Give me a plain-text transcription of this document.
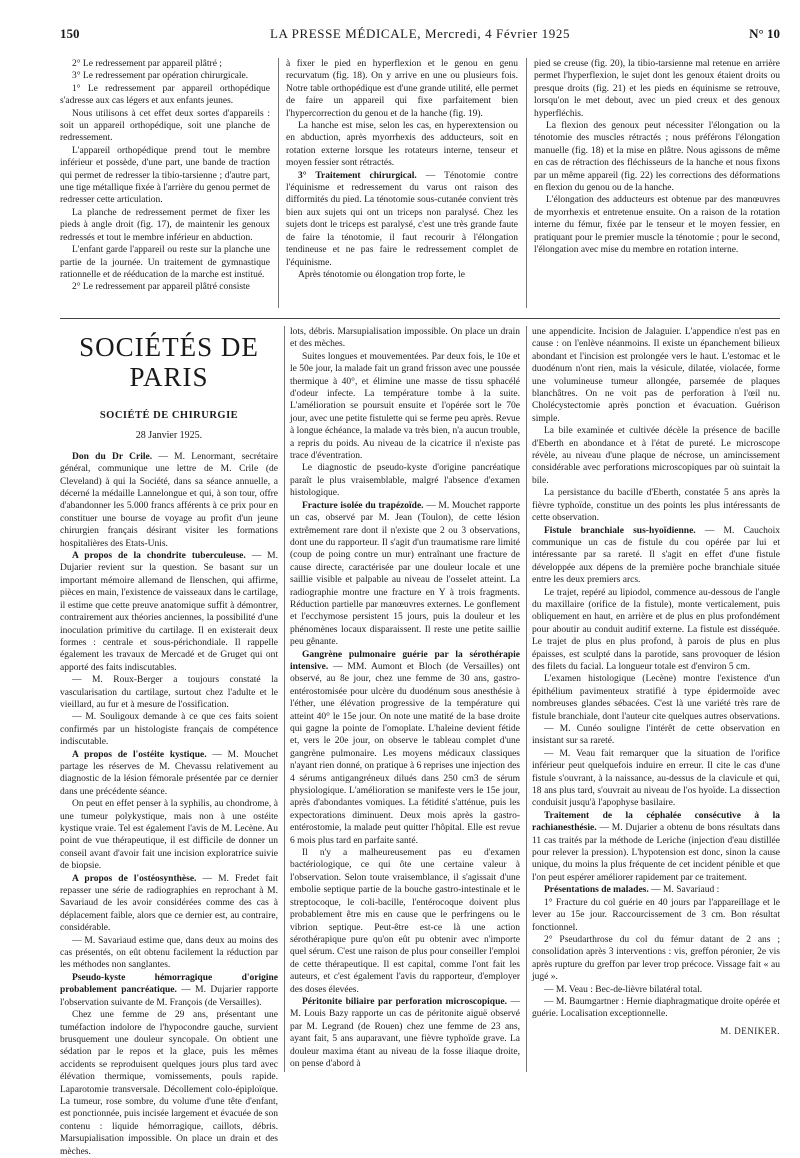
150	LA PRESSE MÉDICALE, Mercredi, 4 Février 1925	N° 10

2° Le redressement par appareil plâtré ;

3° Le redressement par opération chirurgicale.

1° Le redressement par appareil orthopédique s'adresse aux cas légers et aux enfants jeunes.

Nous utilisons à cet effet deux sortes d'appareils : soit un appareil orthopédique, soit une planche de redressement.

L'appareil orthopédique prend tout le membre inférieur et possède, d'une part, une bande de traction qui permet de redresser la tibio-tarsienne ; d'autre part, une tige métallique fixée à l'arrière du genou permet de redresser cette articulation.

La planche de redressement permet de fixer les pieds à angle droit (fig. 17), de maintenir les genoux redressés et tout le membre inférieur en abduction.

L'enfant garde l'appareil ou reste sur la planche une partie de la journée. Un traitement de gymnastique rationnelle et de rééducation de la marche est institué.

2° Le redressement par appareil plâtré consiste

à fixer le pied en hyperflexion et le genou en genu recurvatum (fig. 18). On y arrive en une ou plusieurs fois. Notre table orthopédique est d'une grande utilité, elle permet de faire un appareil qui fixe parfaitement bien l'hypercorrection du genou et de la hanche (fig. 19).

La hanche est mise, selon les cas, en hyperextension ou en abduction, après myorrhexis des adducteurs, soit en rotation externe lorsque les rotateurs interne, tenseur et moyen fessier sont rétractés.

3° Traitement chirurgical. — Ténotomie contre l'équinisme et redressement du varus ont raison des difformités du pied. La ténotomie sous-cutanée convient très bien aux sujets qui ont un triceps non paralysé. Chez les sujets dont le triceps est paralysé, c'est une très grande faute de faire la ténotomie, il faut recourir à l'élongation tendineuse et ne pas faire le redressement complet de l'équinisme.

Après ténotomie ou élongation trop forte, le

pied se creuse (fig. 20), la tibio-tarsienne mal retenue en arrière permet l'hyperflexion, le sujet dont les genoux étaient droits ou presque droits (fig. 21) et les pieds en équinisme se retrouve, lorsqu'on le met debout, avec un pied creux et des genoux hyperfléchis.

La flexion des genoux peut nécessiter l'élongation ou la ténotomie des muscles rétractés ; nous préférons l'élongation manuelle (fig. 18) et la mise en plâtre. Nous agissons de même en cas de rétraction des fléchisseurs de la hanche et nous fixons par un même appareil (fig. 22) les corrections des déformations en flexion du genou ou de la hanche.

L'élongation des adducteurs est obtenue par des manœuvres de myorrhexis et entretenue ensuite. On a raison de la rotation interne du fémur, fixée par le tenseur et le moyen fessier, en pratiquant pour le premier muscle la ténotomie ; pour le second, l'élongation avec mise du membre en rotation interne.

SOCIÉTÉS DE PARIS
SOCIÉTÉ DE CHIRURGIE
28 Janvier 1925.

Don du Dr Crile. — M. Lenormant, secrétaire général, communique une lettre de M. Crile (de Cleveland) à qui la Société, dans sa séance annuelle, a décerné la médaille Lannelongue et qui, à son tour, offre d'abandonner les 5.000 francs afférents à ce prix pour en constituer une bourse de voyage au profit d'un jeune chirurgien français désirant visiter les formations hospitalières des Etats-Unis.

A propos de la chondrite tuberculeuse. — M. Dujarier revient sur la question. Se basant sur un important mémoire allemand de Ilenschen, qui affirme, pièces en main, l'existence de vaisseaux dans le cartilage, il estime que cette preuve anatomique suffit à démontrer, contrairement aux théories anciennes, la possibilité d'une inoculation primitive du cartilage. Il en existerait deux formes : centrale et sous-périchondiale. Il rappelle également les travaux de Mercadé et de Gruget qui ont apporté des faits indiscutables.

— M. Roux-Berger a toujours constaté la vascularisation du cartilage, surtout chez l'adulte et le vieillard, au fur et à mesure de l'ossification.

— M. Souligoux demande à ce que ces faits soient confirmés par un histologiste français de compétence indiscutable.

A propos de l'ostéite kystique. — M. Mouchet partage les réserves de M. Chevassu relativement au diagnostic de la lésion fémorale présentée par ce dernier dans une précédente séance.

On peut en effet penser à la syphilis, au chondrome, à une tumeur polykystique, mais non à une ostéite kystique vraie. Tel est également l'avis de M. Lecène. Au point de vue thérapeutique, il est difficile de donner un conseil avant d'avoir fait une incision exploratrice suivie de biopsie.

A propos de l'ostéosynthèse. — M. Fredet fait repasser une série de radiographies en reprochant à M. Savariaud de les avoir considérées comme des cas à déplacement faible, alors que ce dernier est, au contraire, considérable.

— M. Savariaud estime que, dans deux au moins des cas présentés, on eût obtenu facilement la réduction par les méthodes non sanglantes.

Pseudo-kyste hémorragique d'origine probablement pancréatique. — M. Dujarier rapporte l'observation suivante de M. François (de Versailles).

Chez une femme de 29 ans, présentant une tuméfaction indolore de l'hypocondre gauche, survient brusquement une douleur syncopale. On obtient une sédation par le repos et la glace, puis les mêmes accidents se reproduisent quelques jours plus tard avec élévation thermique, vomissements, pouls rapide. Laparotomie transversale. Décollement colo-épiploïque. La tumeur, rose sombre, du volume d'une tête d'enfant, est ponctionnée, puis incisée largement et évacuée de son contenu : liquide hémorragique, caillots, débris. Marsupialisation impossible. On place un drain et des mèches.

lots, débris. Marsupialisation impossible. On place un drain et des mèches.

Suites longues et mouvementées. Par deux fois, le 10e et le 50e jour, la malade fait un grand frisson avec une poussée thermique à 40°, et élimine une masse de tissu sphacélé d'odeur infecte. La température tombe à la suite. L'amélioration se poursuit ensuite et l'opérée sort le 70e jour, avec une petite fistulette qui se ferme peu après. Revue à longue échéance, la malade va très bien, n'a aucun trouble, a repris du poids. Au niveau de la cicatrice il n'existe pas trace d'éventration.

Le diagnostic de pseudo-kyste d'origine pancréatique paraît le plus vraisemblable, malgré l'absence d'examen histologique.

Fracture isolée du trapézoïde. — M. Mouchet rapporte un cas, observé par M. Jean (Toulon), de cette lésion extrêmement rare dont il n'existe que 2 ou 3 observations, dont une du rapporteur. Il s'agit d'un traumatisme rare limité (coup de poing contre un mur) entraînant une fracture de cause directe, caractérisée par une douleur locale et une saillie visible et palpable au niveau de l'osselet atteint. La radiographie montre une fracture en Y à trois fragments. Réduction partielle par manœuvres externes. Le gonflement et l'ecchymose persistent 15 jours, puis la douleur et les phénomènes locaux disparaissent. Il reste une petite saillie peu gênante.

Gangrène pulmonaire guérie par la sérothérapie intensive. — MM. Aumont et Bloch (de Versailles) ont observé, au 8e jour, chez une femme de 30 ans, gastro-entérostomisée pour ulcère du duodénum sous anesthésie à l'éther, une élévation progressive de la température qui atteint 40° le 15e jour. On note une matité de la base droite qui gagne la pointe de l'omoplate. L'haleine devient fétide et, vers le 20e jour, on observe le tableau complet d'une gangrène pulmonaire. Les moyens médicaux classiques n'ayant rien donné, on pratique à 6 reprises une injection des 4 sérums antigangréneux dilués dans 250 cm3 de sérum physiologique. L'amélioration se manifeste vers le 15e jour, après d'abondantes vomiques. La fétidité s'atténue, puis les expectorations diminuent. Deux mois après la gastro-entérostomie, la malade peut quitter l'hôpital. Elle est revue 6 mois plus tard en parfaite santé.

Il n'y a malheureusement pas eu d'examen bactériologique, ce qui ôte une certaine valeur à l'observation. Selon toute vraisemblance, il s'agissait d'une embolie septique partie de la bouche gastro-intestinale et le streptocoque, le coli-bacille, l'entérocoque doivent plus probablement être mis en cause que le perfringens ou le vibrion septique. Peut-être est-ce là une action sérothérapique pure qu'on eût pu obtenir avec n'importe quel sérum. C'est une raison de plus pour conseiller l'emploi de cette thérapeutique. Il est capital, comme l'ont fait les auteurs, et c'est également l'avis du rapporteur, d'employer des doses élevées.

Péritonite biliaire par perforation microscopique. — M. Louis Bazy rapporte un cas de péritonite aiguë observé par M. Legrand (de Rouen) chez une femme de 23 ans, ayant fait, 5 ans auparavant, une fièvre typhoïde grave. La douleur maxima étant au niveau de la fosse iliaque droite, on pense d'abord à

une appendicite. Incision de Jalaguier. L'appendice n'est pas en cause : on l'enlève néanmoins. Il existe un épanchement bilieux abondant et l'incision est prolongée vers le haut. L'estomac et le duodénum n'ont rien, mais la vésicule, dilatée, violacée, forme une volumineuse tumeur allongée, parsemée de plaques blanchâtres. On ne voit pas de perforation à l'œil nu. Cholécystectomie après ponction et évacuation. Guérison simple.

La bile examinée et cultivée décèle la présence de bacille d'Eberth en abondance et à l'état de pureté. Le microscope révèle, au niveau d'une plaque de nécrose, un amincissement considérable avec perforations microscopiques par où suintait la bile.

La persistance du bacille d'Eberth, constatée 5 ans après la fièvre typhoïde, constitue un des points les plus intéressants de cette observation.

Fistule branchiale sus-hyoïdienne. — M. Cauchoix communique un cas de fistule du cou opérée par lui et intéressante par sa rareté. Il s'agit en effet d'une fistule développée aux dépens de la première poche branchiale située entre les deux premiers arcs.

Le trajet, repéré au lipiodol, commence au-dessous de l'angle du maxillaire (orifice de la fistule), monte verticalement, puis obliquement en haut, en arrière et de plus en plus profondément pour aboutir au conduit auditif externe. La fistule est disséquée. Le trajet de plus en plus profond, à parois de plus en plus épaisses, est sculpté dans la parotide, sans provoquer de lésion des filets du facial. La longueur totale est d'environ 5 cm.

L'examen histologique (Lecène) montre l'existence d'un épithélium pavimenteux stratifié à type épidermoïde avec nombreuses glandes sébacées. C'est là une variété très rare de fistule branchiale, dont l'auteur cite quelques autres observations.

— M. Cunéo souligne l'intérêt de cette observation en insistant sur sa rareté.

— M. Veau fait remarquer que la situation de l'orifice inférieur peut quelquefois induire en erreur. Il cite le cas d'une fistule s'ouvrant, à la naissance, au-dessus de la clavicule et qui, 18 ans plus tard, s'ouvrait au niveau de l'os hyoïde. La dissection conduisit jusqu'à l'apophyse basilaire.

Traitement de la céphalée consécutive à la rachianesthésie. — M. Dujarier a obtenu de bons résultats dans 11 cas traités par la méthode de Leriche (injection d'eau distillée pour relever la pression). L'hypotension est donc, sinon la cause unique, du moins la plus fréquente de cet incident pénible et que l'on peut espérer améliorer rapidement par ce traitement.

Présentations de malades. — M. Savariaud :

1° Fracture du col guérie en 40 jours par l'appareillage et le lever au 15e jour. Raccourcissement de 3 cm. Bon résultat fonctionnel.

2° Pseudarthrose du col du fémur datant de 2 ans ; consolidation après 3 interventions : vis, greffon péronier, 2e vis après rupture du greffon par lever trop précoce. Vissage fait « au jugé ».

— M. Veau : Bec-de-lièvre bilatéral total.

— M. Baumgartner : Hernie diaphragmatique droite opérée et guérie. Localisation exceptionnelle.

M. DENIKER.
